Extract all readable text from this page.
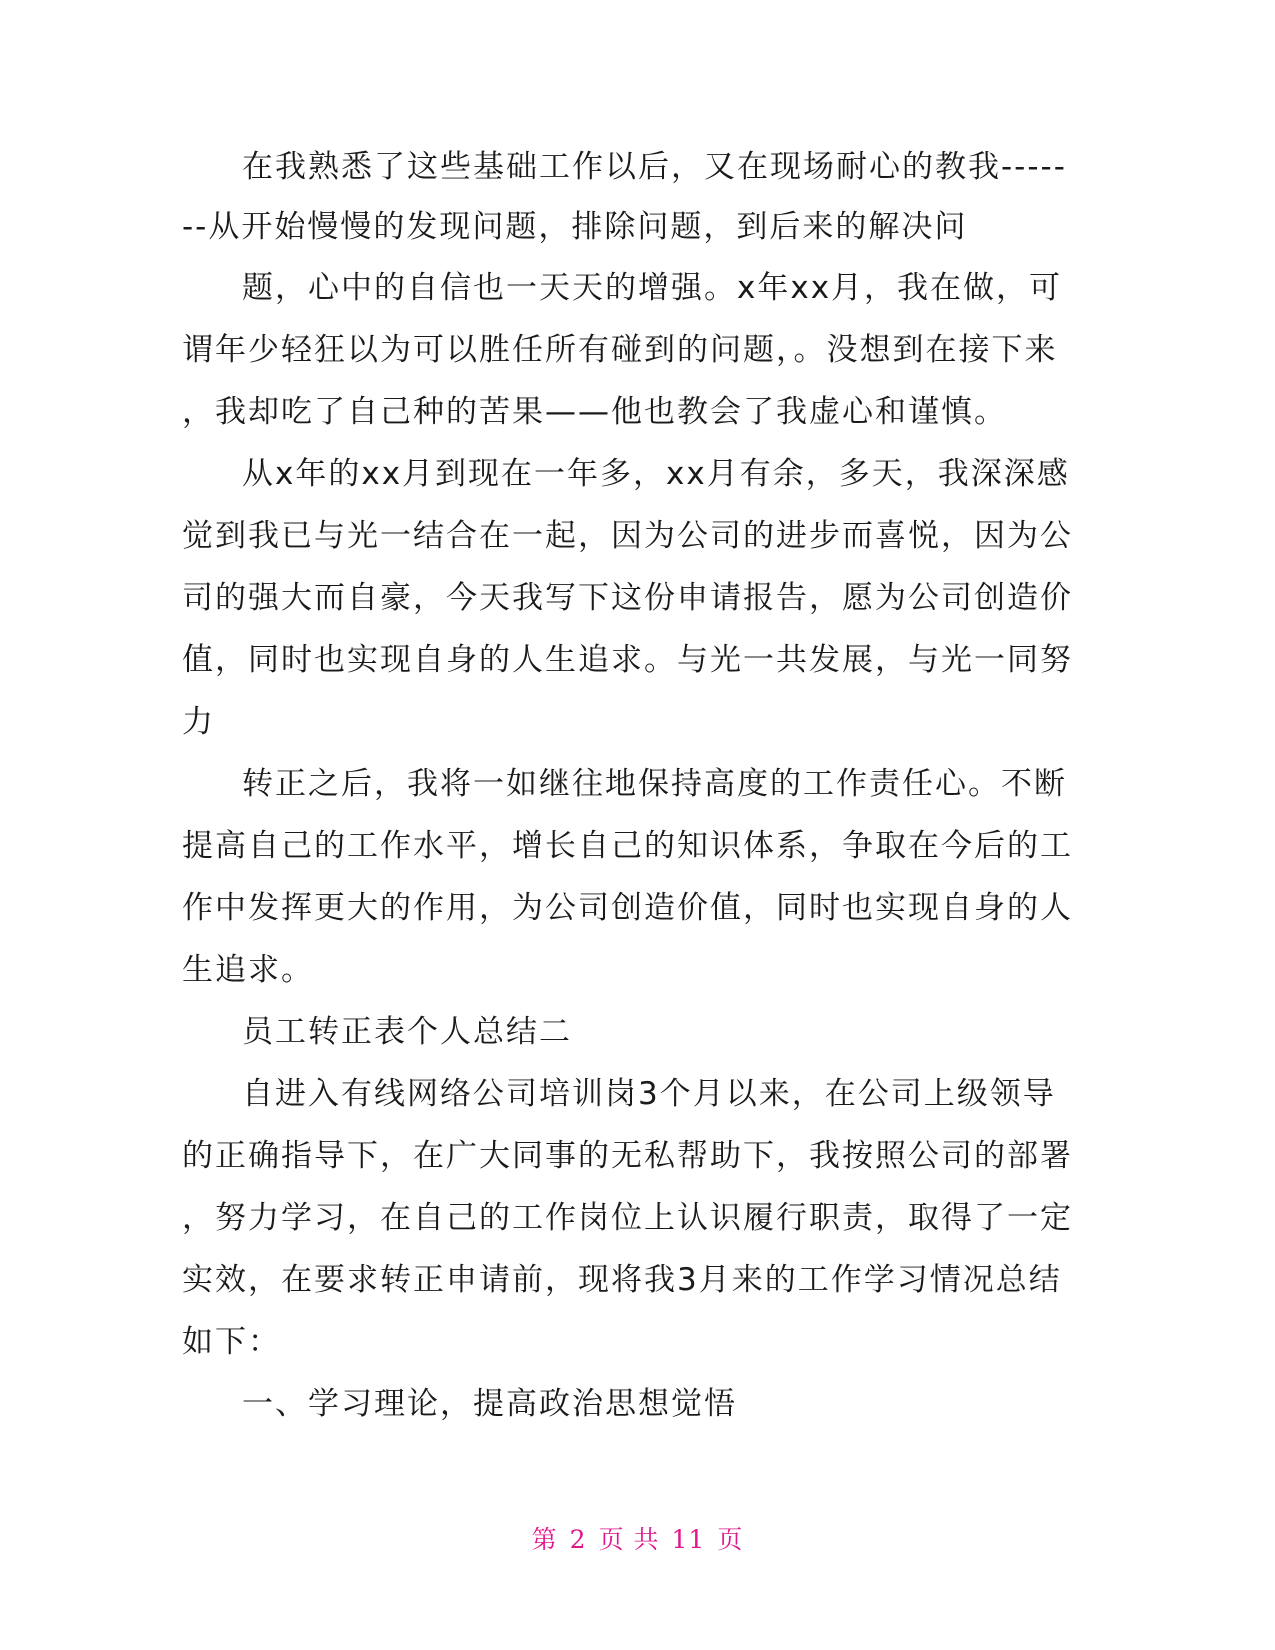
在我熟悉了这些基础工作以后，又在现场耐心的教我-----
--从开始慢慢的发现问题，排除问题，到后来的解决问
题，心中的自信也一天天的增强。x年xx月，我在做，可
谓年少轻狂以为可以胜任所有碰到的问题，。没想到在接下来
，我却吃了自己种的苦果——他也教会了我虚心和谨慎。
从x年的xx月到现在一年多，xx月有余，多天，我深深感
觉到我已与光一结合在一起，因为公司的进步而喜悦，因为公
司的强大而自豪，今天我写下这份申请报告，愿为公司创造价
值，同时也实现自身的人生追求。与光一共发展，与光一同努
力
转正之后，我将一如继往地保持高度的工作责任心。不断
提高自己的工作水平，增长自己的知识体系，争取在今后的工
作中发挥更大的作用，为公司创造价值，同时也实现自身的人
生追求。
员工转正表个人总结二
自进入有线网络公司培训岗3个月以来，在公司上级领导
的正确指导下，在广大同事的无私帮助下，我按照公司的部署
，努力学习，在自己的工作岗位上认识履行职责，取得了一定
实效，在要求转正申请前，现将我3月来的工作学习情况总结
如下：
一、学习理论，提高政治思想觉悟
第 2 页 共 11 页
